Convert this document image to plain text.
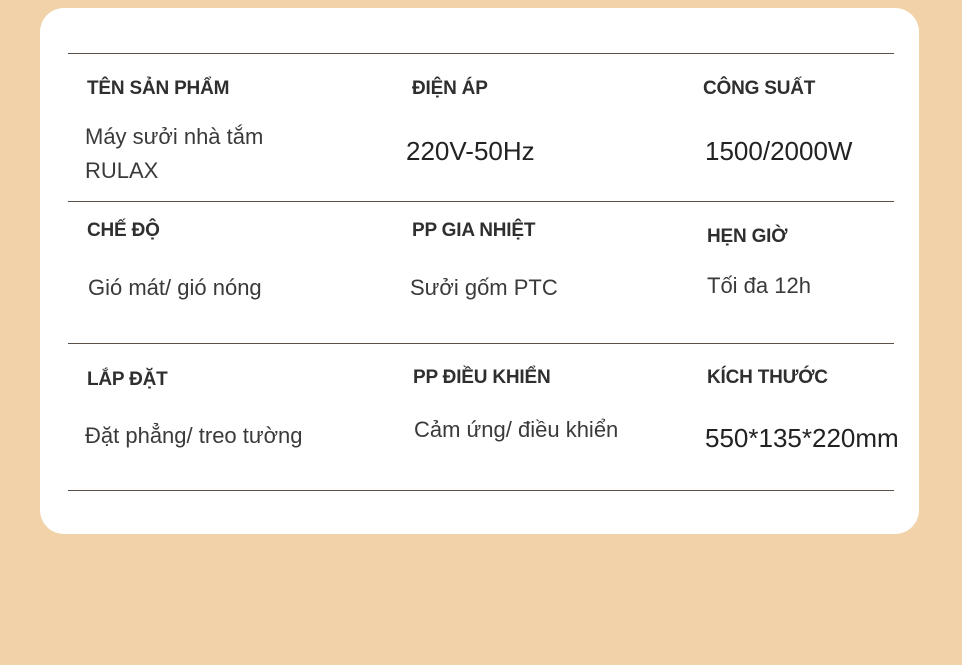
TÊN SẢN PHẨM
Máy sưởi nhà tắm RULAX
ĐIỆN ÁP
220V-50Hz
CÔNG SUẤT
1500/2000W
CHẾ ĐỘ
Gió mát/ gió nóng
PP GIA NHIỆT
Sưởi gốm PTC
HẸN GIỜ
Tối đa 12h
LẮP ĐẶT
Đặt phẳng/ treo tường
PP ĐIỀU KHIỂN
Cảm ứng/ điều khiển
KÍCH THƯỚC
550*135*220mm
